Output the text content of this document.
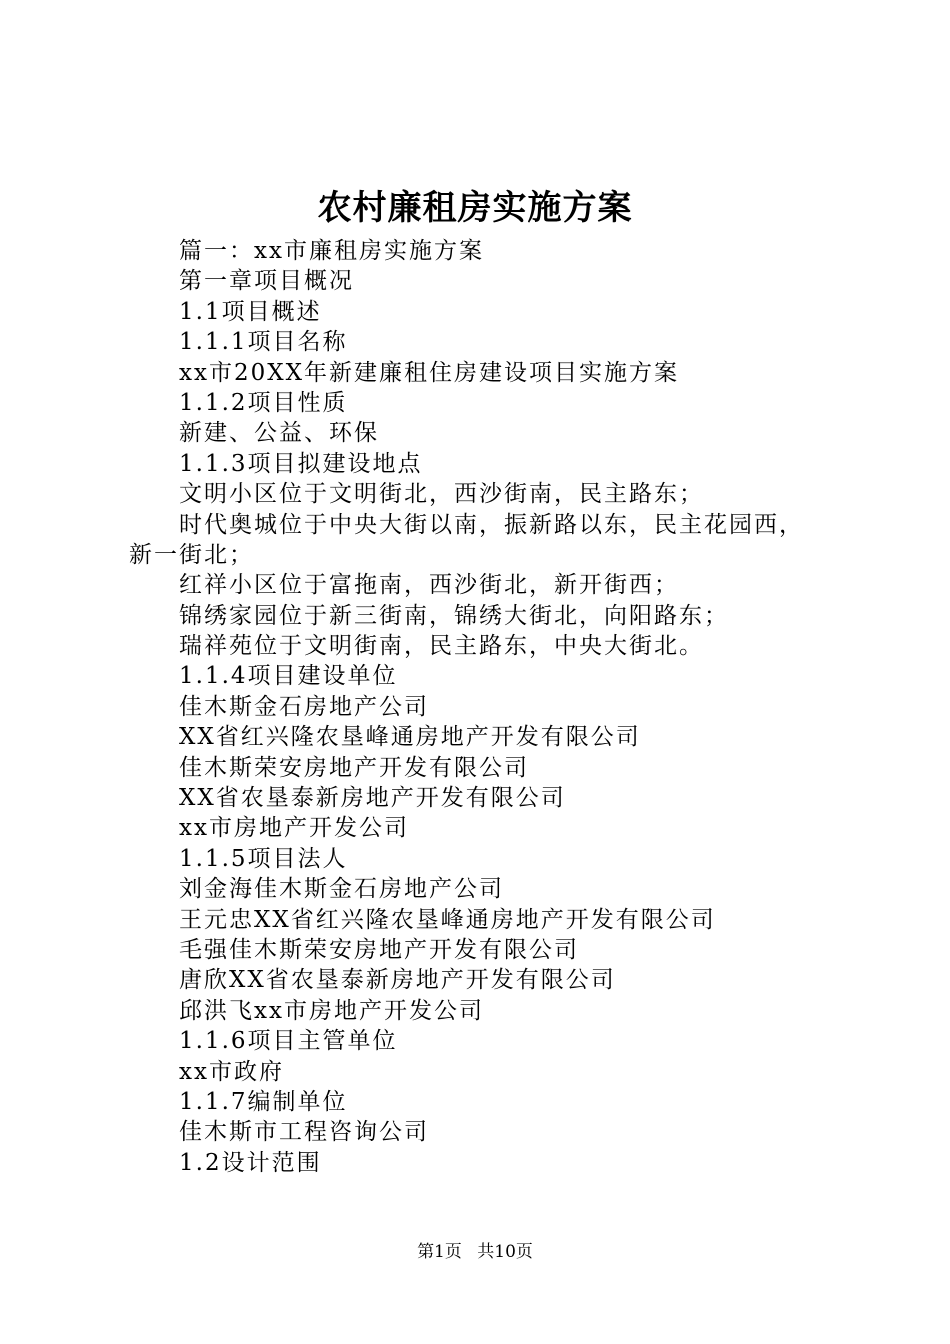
农村廉租房实施方案
篇一：xx市廉租房实施方案
第一章项目概况
1.1项目概述
1.1.1项目名称
xx市20XX年新建廉租住房建设项目实施方案
1.1.2项目性质
新建、公益、环保
1.1.3项目拟建设地点
文明小区位于文明街北，西沙街南，民主路东；
时代奥城位于中央大街以南，振新路以东，民主花园西，
新一街北；
红祥小区位于富拖南，西沙街北，新开街西；
锦绣家园位于新三街南，锦绣大街北，向阳路东；
瑞祥苑位于文明街南，民主路东，中央大街北。
1.1.4项目建设单位
佳木斯金石房地产公司
XX省红兴隆农垦峰通房地产开发有限公司
佳木斯荣安房地产开发有限公司
XX省农垦泰新房地产开发有限公司
xx市房地产开发公司
1.1.5项目法人
刘金海佳木斯金石房地产公司
王元忠XX省红兴隆农垦峰通房地产开发有限公司
毛强佳木斯荣安房地产开发有限公司
唐欣XX省农垦泰新房地产开发有限公司
邱洪飞xx市房地产开发公司
1.1.6项目主管单位
xx市政府
1.1.7编制单位
佳木斯市工程咨询公司
1.2设计范围
第1页 共10页
